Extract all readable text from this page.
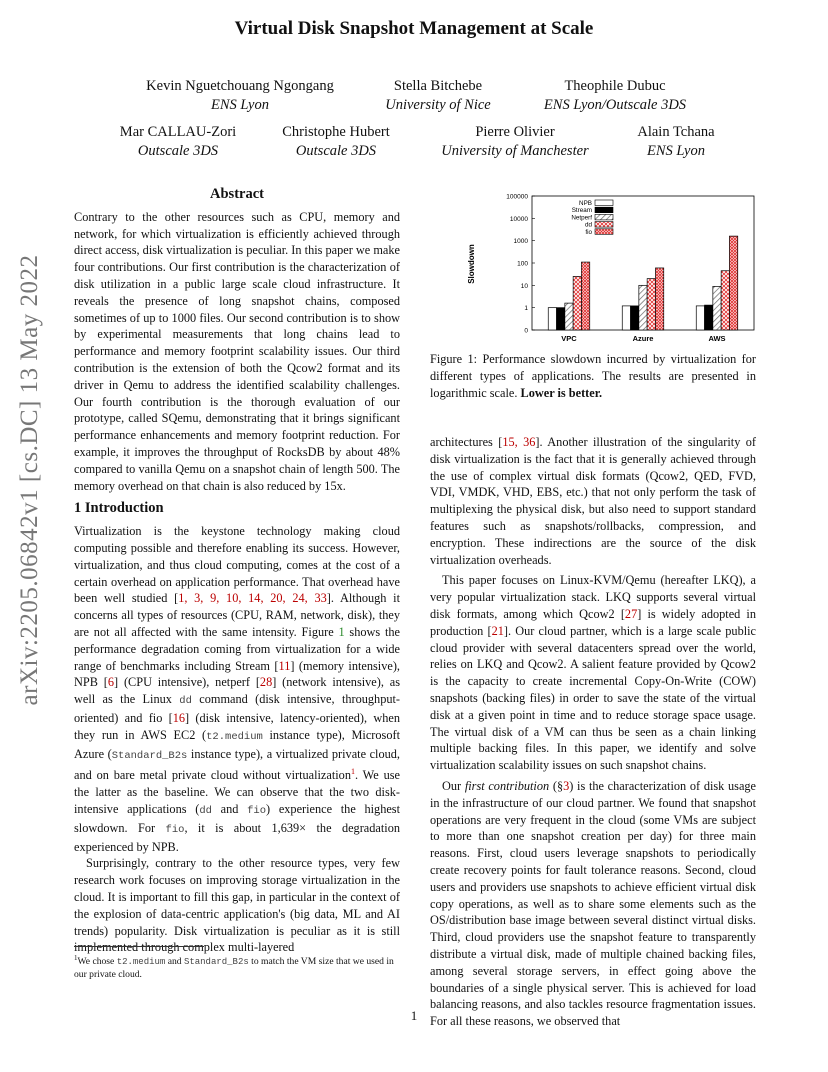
Virtual Disk Snapshot Management at Scale
Kevin Nguetchouang Ngongang
ENS Lyon
Stella Bitchebe
University of Nice
Theophile Dubuc
ENS Lyon/Outscale 3DS
Mar CALLAU-Zori
Outscale 3DS
Christophe Hubert
Outscale 3DS
Pierre Olivier
University of Manchester
Alain Tchana
ENS Lyon
arXiv:2205.06842v1 [cs.DC] 13 May 2022
Abstract

Contrary to the other resources such as CPU, memory and network, for which virtualization is efficiently achieved through direct access, disk virtualization is peculiar. In this paper we make four contributions. Our first contribution is the characterization of disk utilization in a public large scale cloud infrastructure. It reveals the presence of long snapshot chains, composed sometimes of up to 1000 files. Our second contribution is to show by experimental measurements that long chains lead to performance and memory footprint scalability issues. Our third contribution is the extension of both the Qcow2 format and its driver in Qemu to address the identified scalability challenges. Our fourth contribution is the thorough evaluation of our prototype, called SQemu, demonstrating that it brings significant performance enhancements and memory footprint reduction. For example, it improves the throughput of RocksDB by about 48% compared to vanilla Qemu on a snapshot chain of length 500. The memory overhead on that chain is also reduced by 15x.

1 Introduction

Virtualization is the keystone technology making cloud computing possible and therefore enabling its success. However, virtualization, and thus cloud computing, comes at the cost of a certain overhead on application performance. That overhead have been well studied [1, 3, 9, 10, 14, 20, 24, 33]. Although it concerns all types of resources (CPU, RAM, network, disk), they are not all affected with the same intensity. Figure 1 shows the performance degradation coming from virtualization for a wide range of benchmarks including Stream [11] (memory intensive), NPB [6] (CPU intensive), netperf [28] (network intensive), as well as the Linux dd command (disk intensive, throughput-oriented) and fio [16] (disk intensive, latency-oriented), when they run in AWS EC2 (t2.medium instance type), Microsoft Azure (Standard_B2s instance type), a virtualized private cloud, and on bare metal private cloud without virtualization$^1$. We use the latter as the baseline. We can observe that the two disk-intensive applications (dd and fio) experience the highest slowdown. For fio, it is about 1,639× the degradation experienced by NPB.

Surprisingly, contrary to the other resource types, very few research work focuses on improving storage virtualization in the cloud. It is important to fill this gap, in particular in the context of the explosion of data-centric application's (big data, ML and AI trends) popularity. Disk virtualization is peculiar as it is still implemented through complex multi-layered

$^1$We chose t2.medium and Standard_B2s to match the VM size that we used in our private cloud.
0
1
10
100
1000
10000
100000
VPC	Azure	AWS
NPB
Stream
Netperf
dd
fio
Slowdown
Figure 1: Performance slowdown incurred by virtualization for different types of applications. The results are presented in logarithmic scale. Lower is better.

architectures [15, 36]. Another illustration of the singularity of disk virtualization is the fact that it is generally achieved through the use of complex virtual disk formats (Qcow2, QED, FVD, VDI, VMDK, VHD, EBS, etc.) that not only perform the task of multiplexing the physical disk, but also need to support standard features such as snapshots/rollbacks, compression, and encryption. These indirections are the source of the disk virtualization overheads.

This paper focuses on Linux-KVM/Qemu (hereafter LKQ), a very popular virtualization stack. LKQ supports several virtual disk formats, among which Qcow2 [27] is widely adopted in production [21]. Our cloud partner, which is a large scale public cloud provider with several datacenters spread over the world, relies on LKQ and Qcow2. A salient feature provided by Qcow2 is the capacity to create incremental Copy-On-Write (COW) snapshots (backing files) in order to save the state of the virtual disk at a given point in time and to reduce storage space usage. The virtual disk of a VM can thus be seen as a chain linking multiple backing files. In this paper, we identify and solve virtualization scalability issues on such snapshot chains.

Our first contribution (§3) is the characterization of disk usage in the infrastructure of our cloud partner. We found that snapshot operations are very frequent in the cloud (some VMs are subject to more than one snapshot creation per day) for three main reasons. First, cloud users leverage snapshots to periodically create recovery points for fault tolerance reasons. Second, cloud users and providers use snapshots to achieve efficient virtual disk copy operations, as well as to share some elements such as the OS/distribution base image between several distinct virtual disks. Third, cloud providers use the snapshot feature to transparently distribute a virtual disk, made of multiple chained backing files, among several storage servers, in effect going above the boundaries of a single physical server. This is achieved for load balancing reasons, and also tackles resource fragmentation issues. For all these reasons, we observed that

1
